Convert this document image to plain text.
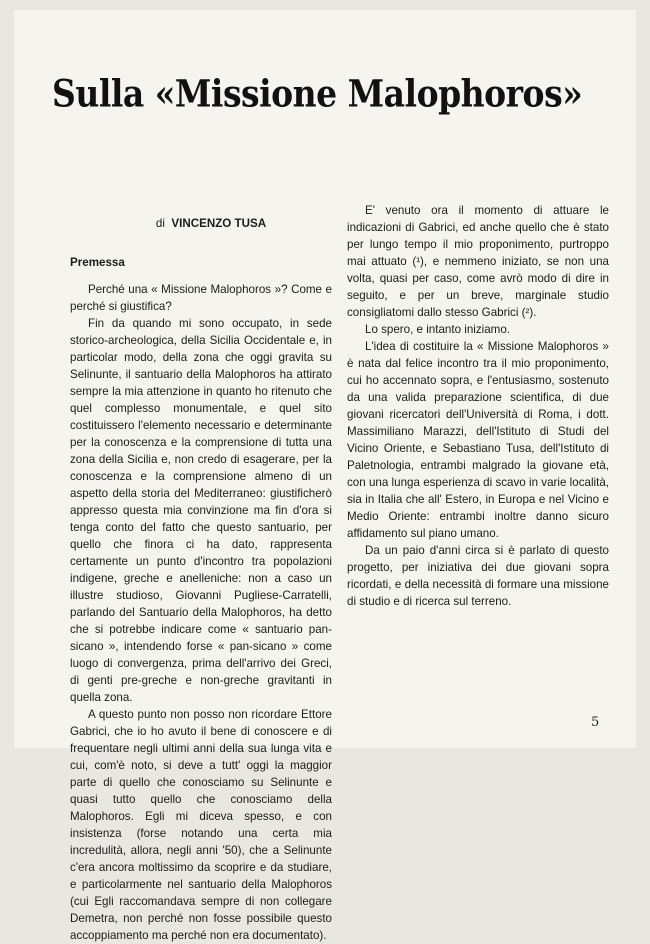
Sulla «Missione Malophoros»
di VINCENZO TUSA
Premessa

Perché una « Missione Malophoros »? Come e perché si giustifica?

Fin da quando mi sono occupato, in sede storico-archeologica, della Sicilia Occidentale e, in particolar modo, della zona che oggi gravita su Selinunte, il santuario della Malophoros ha attirato sempre la mia attenzione in quanto ho ritenuto che quel complesso monumentale, e quel sito costituissero l'elemento necessario e determinante per la conoscenza e la comprensione di tutta una zona della Sicilia e, non credo di esagerare, per la conoscenza e la comprensione almeno di un aspetto della storia del Mediterraneo: giustificherò appresso questa mia convinzione ma fin d'ora si tenga conto del fatto che questo santuario, per quello che finora ci ha dato, rappresenta certamente un punto d'incontro tra popolazioni indigene, greche e anelleniche: non a caso un illustre studioso, Giovanni Pugliese-Carratelli, parlando del Santuario della Malophoros, ha detto che si potrebbe indicare come « santuario pan-sicano », intendendo forse « pan-sicano » come luogo di convergenza, prima dell'arrivo dei Greci, di genti pre-greche e non-greche gravitanti in quella zona.

A questo punto non posso non ricordare Ettore Gabrici, che io ho avuto il bene di conoscere e di frequentare negli ultimi anni della sua lunga vita e cui, com'è noto, si deve a tutt' oggi la maggior parte di quello che conosciamo su Selinunte e quasi tutto quello che conosciamo della Malophoros. Egli mi diceva spesso, e con insistenza (forse notando una certa mia incredulità, allora, negli anni '50), che a Selinunte c'era ancora moltissimo da scoprire e da studiare, e particolarmente nel santuario della Malophoros (cui Egli raccomandava sempre di non collegare Demetra, non perché non fosse possibile questo accoppiamento ma perché non era documentato).

E' venuto ora il momento di attuare le indicazioni di Gabrici, ed anche quello che è stato per lungo tempo il mio proponimento, purtroppo mai attuato (¹), e nemmeno iniziato, se non una volta, quasi per caso, come avrò modo di dire in seguito, e per un breve, marginale studio consigliatomi dallo stesso Gabrici (²).

Lo spero, e intanto iniziamo.

L'idea di costituire la « Missione Malophoros » è nata dal felice incontro tra il mio proponimento, cui ho accennato sopra, e l'entusiasmo, sostenuto da una valida preparazione scientifica, di due giovani ricercatori dell'Università di Roma, i dott. Massimiliano Marazzi, dell'Istituto di Studi del Vicino Oriente, e Sebastiano Tusa, dell'Istituto di Paletnologia, entrambi malgrado la giovane età, con una lunga esperienza di scavo in varie località, sia in Italia che all' Estero, in Europa e nel Vicino e Medio Oriente: entrambi inoltre danno sicuro affidamento sul piano umano.

Da un paio d'anni circa si è parlato di questo progetto, per iniziativa dei due giovani sopra ricordati, e della necessità di formare una missione di studio e di ricerca sul terreno.

5
